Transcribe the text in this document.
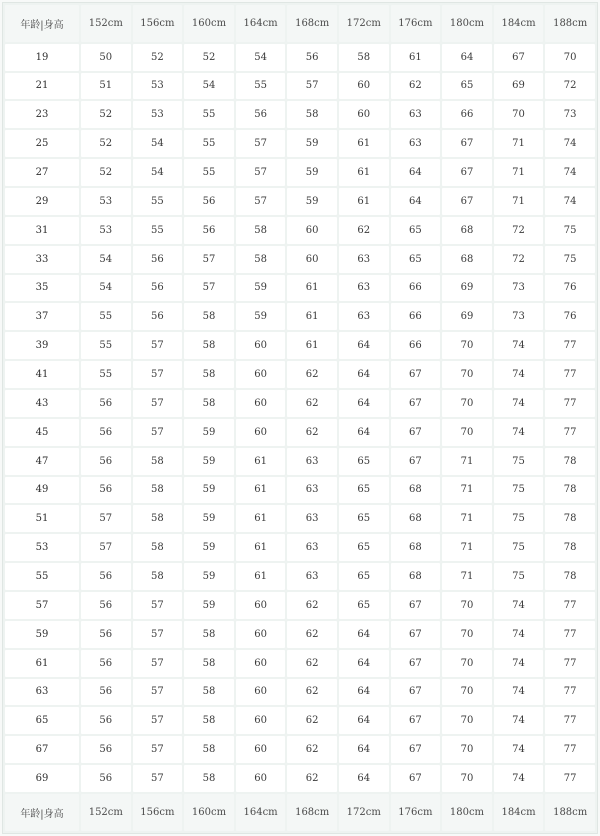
年龄|身高	152cm	156cm	160cm	164cm	168cm	172cm	176cm	180cm	184cm	188cm
19	50	52	52	54	56	58	61	64	67	70
21	51	53	54	55	57	60	62	65	69	72
23	52	53	55	56	58	60	63	66	70	73
25	52	54	55	57	59	61	63	67	71	74
27	52	54	55	57	59	61	64	67	71	74
29	53	55	56	57	59	61	64	67	71	74
31	53	55	56	58	60	62	65	68	72	75
33	54	56	57	58	60	63	65	68	72	75
35	54	56	57	59	61	63	66	69	73	76
37	55	56	58	59	61	63	66	69	73	76
39	55	57	58	60	61	64	66	70	74	77
41	55	57	58	60	62	64	67	70	74	77
43	56	57	58	60	62	64	67	70	74	77
45	56	57	59	60	62	64	67	70	74	77
47	56	58	59	61	63	65	67	71	75	78
49	56	58	59	61	63	65	68	71	75	78
51	57	58	59	61	63	65	68	71	75	78
53	57	58	59	61	63	65	68	71	75	78
55	56	58	59	61	63	65	68	71	75	78
57	56	57	59	60	62	65	67	70	74	77
59	56	57	58	60	62	64	67	70	74	77
61	56	57	58	60	62	64	67	70	74	77
63	56	57	58	60	62	64	67	70	74	77
65	56	57	58	60	62	64	67	70	74	77
67	56	57	58	60	62	64	67	70	74	77
69	56	57	58	60	62	64	67	70	74	77
年龄|身高	152cm	156cm	160cm	164cm	168cm	172cm	176cm	180cm	184cm	188cm
